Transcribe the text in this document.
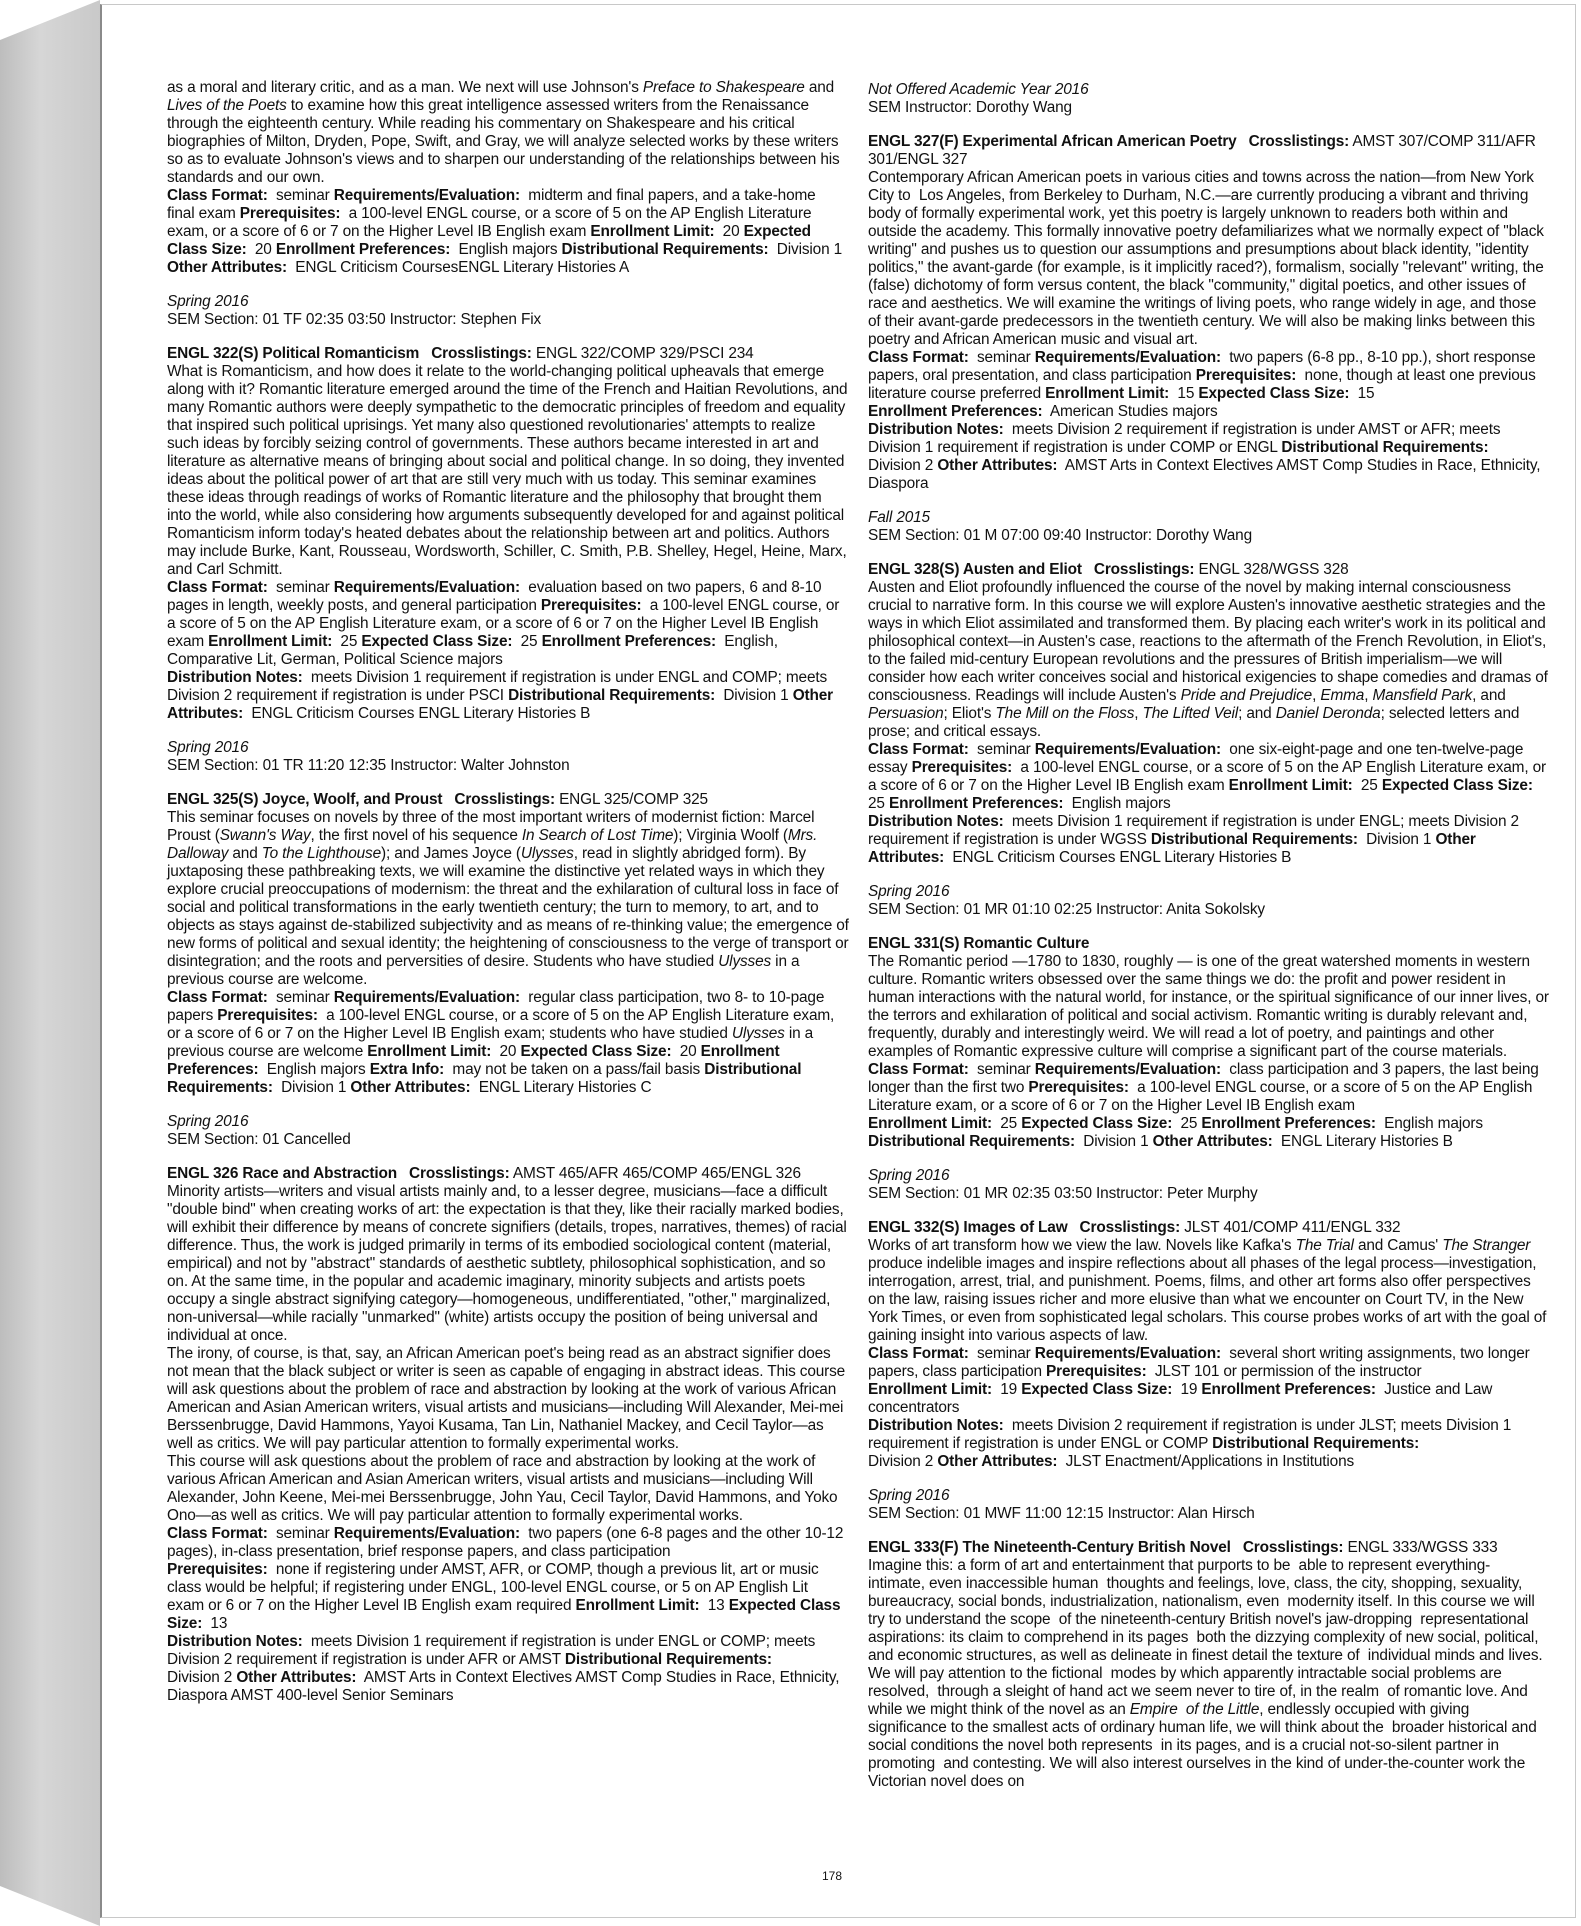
as a moral and literary critic, and as a man. We next will use Johnson's Preface to Shakespeare and Lives of the Poets to examine how this great intelligence assessed writers from the Renaissance through the eighteenth century. While reading his commentary on Shakespeare and his critical biographies of Milton, Dryden, Pope, Swift, and Gray, we will analyze selected works by these writers so as to evaluate Johnson's views and to sharpen our understanding of the relationships between his standards and our own.

Class Format:  seminar Requirements/Evaluation:  midterm and final papers, and a take-home  final exam Prerequisites:  a 100-level ENGL course, or a score of 5 on the AP English Literature exam, or a score of 6 or 7 on the Higher Level IB English exam Enrollment Limit:  20 Expected Class Size:  20 Enrollment Preferences:  English majors Distributional Requirements:  Division 1 Other Attributes:  ENGL Criticism CoursesENGL Literary Histories A

Spring 2016

SEM Section: 01 TF 02:35 03:50 Instructor: Stephen Fix

ENGL 322(S) Political Romanticism Crosslistings: ENGL 322/COMP 329/PSCI 234

What is Romanticism, and how does it relate to the world-changing political upheavals that emerge along with it? Romantic literature emerged around the time of the French and Haitian Revolutions, and many Romantic authors were deeply sympathetic to the democratic principles of freedom and equality that inspired such political uprisings. Yet many also questioned revolutionaries' attempts to realize such ideas by forcibly seizing control of governments. These authors became interested in art and literature as alternative means of bringing about social and political change. In so doing, they invented ideas about the political power of art that are still very much with us today. This seminar examines these ideas through readings of works of Romantic literature and the philosophy that brought them into the world, while also considering how arguments subsequently developed for and against political Romanticism inform today's heated debates about the relationship between art and politics. Authors may include Burke, Kant, Rousseau, Wordsworth, Schiller, C. Smith, P.B. Shelley, Hegel, Heine, Marx, and Carl Schmitt.

Class Format:  seminar Requirements/Evaluation:  evaluation based on two papers, 6 and 8-10 pages in length, weekly posts, and general participation Prerequisites:  a 100-level ENGL course, or a score of 5 on the AP English Literature exam, or a score of 6 or 7 on the Higher Level IB English exam Enrollment Limit:  25 Expected Class Size:  25 Enrollment Preferences:  English, Comparative Lit, German, Political Science majors
Distribution Notes:  meets Division 1 requirement if registration is under ENGL and COMP; meets Division 2 requirement if registration is under PSCI Distributional Requirements:  Division 1 Other Attributes:  ENGL Criticism Courses ENGL Literary Histories B

Spring 2016

SEM Section: 01 TR 11:20 12:35 Instructor: Walter Johnston

ENGL 325(S) Joyce, Woolf, and Proust Crosslistings: ENGL 325/COMP 325

This seminar focuses on novels by three of the most important writers of modernist fiction: Marcel Proust (Swann's Way, the first novel of his sequence In Search of Lost Time); Virginia Woolf (Mrs. Dalloway and To the Lighthouse); and James Joyce (Ulysses, read in slightly abridged form). By juxtaposing these pathbreaking texts, we will examine the distinctive yet related ways in which they explore crucial preoccupations of modernism: the threat and the exhilaration of cultural loss in face of social and political transformations in the early twentieth century; the turn to memory, to art, and to objects as stays against de-stabilized subjectivity and as means of re-thinking value; the emergence of new forms of political and sexual identity; the heightening of consciousness to the verge of transport or disintegration; and the roots and perversities of desire. Students who have studied Ulysses in a previous course are welcome.

Class Format:  seminar Requirements/Evaluation:  regular class participation, two 8- to 10-page papers Prerequisites:  a 100-level ENGL course, or a score of 5 on the AP English Literature exam, or a score of 6 or 7 on the Higher Level IB English exam; students who have studied Ulysses in a previous course are welcome Enrollment Limit:  20 Expected Class Size:  20 Enrollment Preferences:  English majors Extra Info:  may not be taken on a pass/fail basis Distributional Requirements:  Division 1 Other Attributes:  ENGL Literary Histories C

Spring 2016

SEM Section: 01 Cancelled

ENGL 326 Race and Abstraction Crosslistings: AMST 465/AFR 465/COMP 465/ENGL 326

Minority artists—writers and visual artists mainly and, to a lesser degree, musicians—face a difficult "double bind" when creating works of art: the expectation is that they, like their racially marked bodies, will exhibit their difference by means of concrete signifiers (details, tropes, narratives, themes) of racial difference. Thus, the work is judged primarily in terms of its embodied sociological content (material, empirical) and not by "abstract" standards of aesthetic subtlety, philosophical sophistication, and so on. At the same time, in the popular and academic imaginary, minority subjects and artists poets occupy a single abstract signifying category—homogeneous, undifferentiated, "other," marginalized, non-universal—while racially "unmarked" (white) artists occupy the position of being universal and individual at once.
The irony, of course, is that, say, an African American poet's being read as an abstract signifier does not mean that the black subject or writer is seen as capable of engaging in abstract ideas. This course will ask questions about the problem of race and abstraction by looking at the work of various African American and Asian American writers, visual artists and musicians—including Will Alexander, Mei-mei Berssenbrugge, David Hammons, Yayoi Kusama, Tan Lin, Nathaniel Mackey, and Cecil Taylor—as well as critics. We will pay particular attention to formally experimental works.
This course will ask questions about the problem of race and abstraction by looking at the work of various African American and Asian American writers, visual artists and musicians—including Will Alexander, John Keene, Mei-mei Berssenbrugge, John Yau, Cecil Taylor, David Hammons, and Yoko Ono—as well as critics. We will pay particular attention to formally experimental works.

Class Format:  seminar Requirements/Evaluation:  two papers (one 6-8 pages and the other 10-12 pages), in-class presentation, brief response papers, and class participation
Prerequisites:  none if registering under AMST, AFR, or COMP, though a previous lit, art or music class would be helpful; if registering under ENGL, 100-level ENGL course, or 5 on AP English Lit exam or 6 or 7 on the Higher Level IB English exam required Enrollment Limit:  13 Expected Class Size:  13
Distribution Notes:  meets Division 1 requirement if registration is under ENGL or COMP; meets Division 2 requirement if registration is under AFR or AMST Distributional Requirements:
Division 2 Other Attributes:  AMST Arts in Context Electives AMST Comp Studies in Race, Ethnicity, Diaspora AMST 400-level Senior Seminars

Not Offered Academic Year 2016

SEM Instructor: Dorothy Wang

ENGL 327(F) Experimental African American Poetry Crosslistings: AMST 307/COMP 311/AFR 301/ENGL 327

Contemporary African American poets in various cities and towns across the nation—from New York City to  Los Angeles, from Berkeley to Durham, N.C.—are currently producing a vibrant and thriving body of formally experimental work, yet this poetry is largely unknown to readers both within and outside the academy. This formally innovative poetry defamiliarizes what we normally expect of "black writing" and pushes us to question our assumptions and presumptions about black identity, "identity politics," the avant-garde (for example, is it implicitly raced?), formalism, socially "relevant" writing, the (false) dichotomy of form versus content, the black "community," digital poetics, and other issues of race and aesthetics. We will examine the writings of living poets, who range widely in age, and those of their avant-garde predecessors in the twentieth century. We will also be making links between this poetry and African American music and visual art.

Class Format:  seminar Requirements/Evaluation:  two papers (6-8 pp., 8-10 pp.), short response papers, oral presentation, and class participation Prerequisites:  none, though at least one previous literature course preferred Enrollment Limit:  15 Expected Class Size:  15
Enrollment Preferences:  American Studies majors
Distribution Notes:  meets Division 2 requirement if registration is under AMST or AFR; meets Division 1 requirement if registration is under COMP or ENGL Distributional Requirements:
Division 2 Other Attributes:  AMST Arts in Context Electives AMST Comp Studies in Race, Ethnicity, Diaspora

Fall 2015

SEM Section: 01 M 07:00 09:40 Instructor: Dorothy Wang

ENGL 328(S) Austen and Eliot Crosslistings: ENGL 328/WGSS 328

Austen and Eliot profoundly influenced the course of the novel by making internal consciousness crucial to narrative form. In this course we will explore Austen's innovative aesthetic strategies and the ways in which Eliot assimilated and transformed them. By placing each writer's work in its political and philosophical context—in Austen's case, reactions to the aftermath of the French Revolution, in Eliot's, to the failed mid-century European revolutions and the pressures of British imperialism—we will consider how each writer conceives social and historical exigencies to shape comedies and dramas of consciousness. Readings will include Austen's Pride and Prejudice, Emma, Mansfield Park, and Persuasion; Eliot's The Mill on the Floss, The Lifted Veil; and Daniel Deronda; selected letters and prose; and critical essays.

Class Format:  seminar Requirements/Evaluation:  one six-eight-page and one ten-twelve-page essay Prerequisites:  a 100-level ENGL course, or a score of 5 on the AP English Literature exam, or a score of 6 or 7 on the Higher Level IB English exam Enrollment Limit:  25 Expected Class Size:  25 Enrollment Preferences:  English majors
Distribution Notes:  meets Division 1 requirement if registration is under ENGL; meets Division 2 requirement if registration is under WGSS Distributional Requirements:  Division 1 Other Attributes:  ENGL Criticism Courses ENGL Literary Histories B

Spring 2016

SEM Section: 01 MR 01:10 02:25 Instructor: Anita Sokolsky

ENGL 331(S) Romantic Culture

The Romantic period —1780 to 1830, roughly — is one of the great watershed moments in western culture. Romantic writers obsessed over the same things we do: the profit and power resident in human interactions with the natural world, for instance, or the spiritual significance of our inner lives, or the terrors and exhilaration of political and social activism. Romantic writing is durably relevant and, frequently, durably and interestingly weird. We will read a lot of poetry, and paintings and other examples of Romantic expressive culture will comprise a significant part of the course materials.

Class Format:  seminar Requirements/Evaluation:  class participation and 3 papers, the last being longer than the first two Prerequisites:  a 100-level ENGL course, or a score of 5 on the AP English Literature exam, or a score of 6 or 7 on the Higher Level IB English exam
Enrollment Limit:  25 Expected Class Size:  25 Enrollment Preferences:  English majors
Distributional Requirements:  Division 1 Other Attributes:  ENGL Literary Histories B

Spring 2016

SEM Section: 01 MR 02:35 03:50 Instructor: Peter Murphy

ENGL 332(S) Images of Law Crosslistings: JLST 401/COMP 411/ENGL 332

Works of art transform how we view the law. Novels like Kafka's The Trial and Camus' The Stranger produce indelible images and inspire reflections about all phases of the legal process—investigation, interrogation, arrest, trial, and punishment. Poems, films, and other art forms also offer perspectives on the law, raising issues richer and more elusive than what we encounter on Court TV, in the New York Times, or even from sophisticated legal scholars. This course probes works of art with the goal of gaining insight into various aspects of law.

Class Format:  seminar Requirements/Evaluation:  several short writing assignments, two longer papers, class participation Prerequisites:  JLST 101 or permission of the instructor
Enrollment Limit:  19 Expected Class Size:  19 Enrollment Preferences:  Justice and Law concentrators
Distribution Notes:  meets Division 2 requirement if registration is under JLST; meets Division 1 requirement if registration is under ENGL or COMP Distributional Requirements:
Division 2 Other Attributes:  JLST Enactment/Applications in Institutions

Spring 2016

SEM Section: 01 MWF 11:00 12:15 Instructor: Alan Hirsch

ENGL 333(F) The Nineteenth-Century British Novel Crosslistings: ENGL 333/WGSS 333

Imagine this: a form of art and entertainment that purports to be  able to represent everything- intimate, even inaccessible human  thoughts and feelings, love, class, the city, shopping, sexuality,  bureaucracy, social bonds, industrialization, nationalism, even  modernity itself. In this course we will try to understand the scope  of the nineteenth-century British novel's jaw-dropping  representational aspirations: its claim to comprehend in its pages  both the dizzying complexity of new social, political, and economic structures, as well as delineate in finest detail the texture of  individual minds and lives. We will pay attention to the fictional  modes by which apparently intractable social problems are resolved,  through a sleight of hand act we seem never to tire of, in the realm  of romantic love. And while we might think of the novel as an Empire  of the Little, endlessly occupied with giving significance to the smallest acts of ordinary human life, we will think about the  broader historical and social conditions the novel both represents  in its pages, and is a crucial not-so-silent partner in promoting  and contesting. We will also interest ourselves in the kind of under-the-counter work the Victorian novel does on

178
